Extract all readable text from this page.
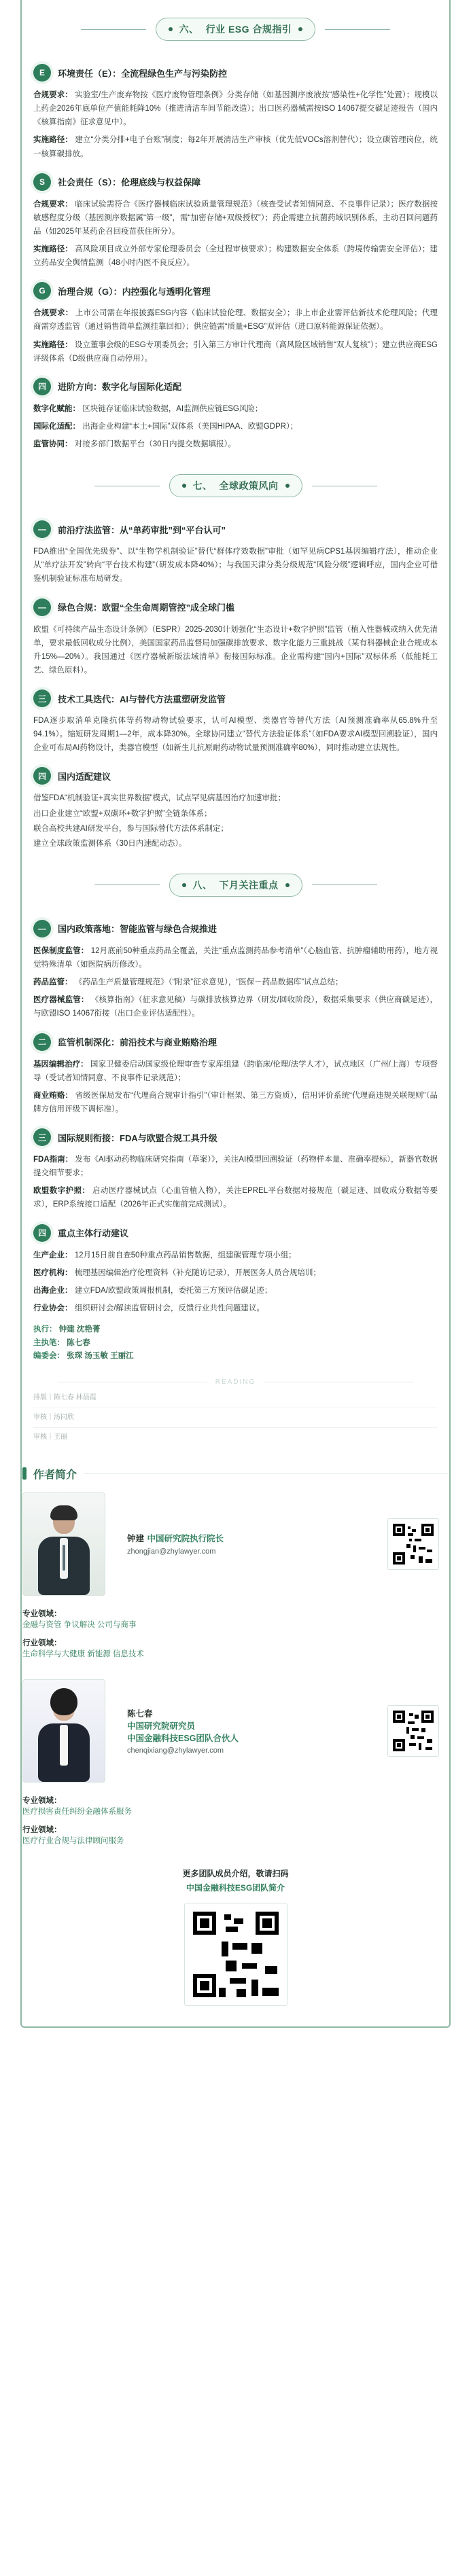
六、 行业 ESG 合规指引
E	环境责任（E）：全流程绿色生产与污染防控
合规要求： 实验室/生产废弃物按《医疗废物管理条例》分类存储（如基因测序废液按“感染性+化学性”处置）；规模以上药企2026年底单位产值能耗降10%（推进清洁车间节能改造）；出口医药器械需按ISO 14067提交碳足迹报告（国内《核算指南》征求意见中）。
实施路径： 建立“分类分排+电子台账”制度；每2年开展清洁生产审核（优先低VOCs溶剂替代）；设立碳管理岗位，统一核算碳排放。
S	社会责任（S）：伦理底线与权益保障
合规要求： 临床试验需符合《医疗器械临床试验质量管理规范》（核查受试者知情同意、不良事件记录）；医疗数据按敏感程度分级（基因测序数据属“第一级”，需“加密存储+双级授权”）；药企需建立抗菌药域识别体系，主动召回问题药品（如2025年某药企召回疫苗获住所分）。
实施路径： 高风险项目成立外部专家伦理委员会（全过程审核要求）；构建数据安全体系（跨境传输需安全评估）；建立药品安全舆情监测（48小时内医不良反应）。
G	治理合规（G）：内控强化与透明化管理
合规要求： 上市公司需在年报披露ESG内容（临床试验伦理、数据安全）；非上市企业需评估新技术伦理风险；代理商需穿透监管（通过销售简单监测挂靠回扣）；供应链需“质量+ESG”双评估（进口原料能源保证依据）。
实施路径： 设立董事会级的ESG专项委员会；引入第三方审计代理商（高风险区域销售“双人复核”）；建立供应商ESG评级体系（D级供应商自动停用）。
四	进阶方向：数字化与国际化适配
数字化赋能： 区块链存证临床试验数据，AI监测供应链ESG风险；
国际化适配： 出海企业构建“本土+国际”双体系（美国HIPAA、欧盟GDPR）；
监管协同： 对接多部门数据平台（30日内提交数据填报）。
七、 全球政策风向
—	前沿疗法监管：从“单药审批”到“平台认可”
FDA推出“全国优先级券”、以“生物学机制验证”替代“群体疗效数据”审批（如罕见病CPS1基因编辑疗法），推动企业从“单疗法开发”转向“平台技术构建”（研发成本降40%）；与我国天津分类分级规范“风险分级”逻辑呼应，国内企业可借鉴机制验证标准布局研发。
—	绿色合规：欧盟“全生命周期管控”成全球门槛
欧盟《可持续产品生态设计条例》（ESPR）2025-2030计划强化“生态设计+数字护照”监管（植入性器械或纳入优先清单，要求最低回收成分比例），美国国家药品监督局加强碳排放要求、数字化能力三重挑战（某有科器械企业合规成本升15%—20%）。我国通过《医疗器械新版法域清单》衔接国际标准。企业需构建“国内+国际”双标体系（低能耗工艺、绿色原料）。
三	技术工具迭代：AI与替代方法重塑研发监管
FDA逐步取消单克隆抗体等药物动物试验要求，认可AI模型、类器官等替代方法（AI预测准确率从65.8%升至94.1%）。缩短研发周期1—2年，成本降30%。全球协同建立“替代方法验证体系”（如FDA要求AI模型回溯验证），国内企业可布局AI药物设计，类器官模型（如新生儿抗原耐药动物试量预测准确率80%），同时推动建立法规性。
四	国内适配建议
借鉴FDA“机制验证+真实世界数据”模式，试点罕见病基因治疗加速审批；
出口企业建立“欧盟+双碳环+数字护照”全链条体系；
联合高校共建AI研发平台，参与国际替代方法体系制定；
建立全球政策监测体系（30日内速配动态）。
八、 下月关注重点
—	国内政策落地：智能监管与绿色合规推进
医保制度监管： 12月底前50种重点药品全覆盖，关注“重点监测药品参考清单”（心脑血管、抗肿瘤辅助用药），地方视觉特殊清单（如医院病历修改）。
药品监管： 《药品生产质量管理规范》（“附录”征求意见），“医保－药品数据库”试点总结；
医疗器械监管： 《核算指南》（征求意见稿）与碳排放核算边界（研发/回收阶段），数据采集要求（供应商碳足迹），与欧盟ISO 14067衔接（出口企业评估适配性）。
二	监管机制深化：前沿技术与商业贿赂治理
基因编辑治疗： 国家卫健委启动国家级伦理审查专家库组建（跨临床/伦理/法学人才），试点地区（广州/上海）专项督导（受试者知情同意、不良事件记录规范）；
商业贿赂： 省级医保局发布“代理商合规审计指引”（审计框架、第三方资质），信用评价系统“代理商违规关联规则”（品牌方信用评级下调标准）。
三	国际规则衔接：FDA与欧盟合规工具升级
FDA指南： 发布《AI驱动药物临床研究指南（草案）》，关注AI模型回溯验证（药物样本量、准确率提标），新器官数据提交细节要求；
欧盟数字护照： 启动医疗器械试点（心血管植入物），关注EPREL平台数据对接规范（碳足迹、回收成分数据等要求），ERP系统接口适配（2026年正式实施前完成测试）。
四	重点主体行动建议
生产企业： 12月15日前自查50种重点药品销售数据，组建碳管理专项小组；
医疗机构： 梳理基因编辑治疗伦理资料（补充随访记录），开展医务人员合规培训；
出海企业： 建立FDA/欧盟政策周报机制，委托第三方预评估碳足迹；
行业协会： 组织研讨会/解读监管研讨会，反馈行业共性问题建议。
执行： 钟建 沈艳菁
主执笔： 陈七春
编委会： 张琛 汤玉敏 王丽江
READING
排版｜陈七春 林晨霞
审核｜汤同欣
审核｜王丽
作者简介
钟建 中国研究院执行院长
zhongjian@zhylawyer.com
专业领域：
金融与资管 争议解决 公司与商事
行业领域：
生命科学与大健康 新能源 信息技术
陈七春
中国研究院研究员
中国金融科技ESG团队合伙人
chenqixiang@zhylawyer.com
专业领域：
医疗损害责任纠纷金融体系服务
行业领域：
医疗行业合规与法律顾问服务
更多团队成员介绍，敬请扫码
中国金融科技ESG团队简介
